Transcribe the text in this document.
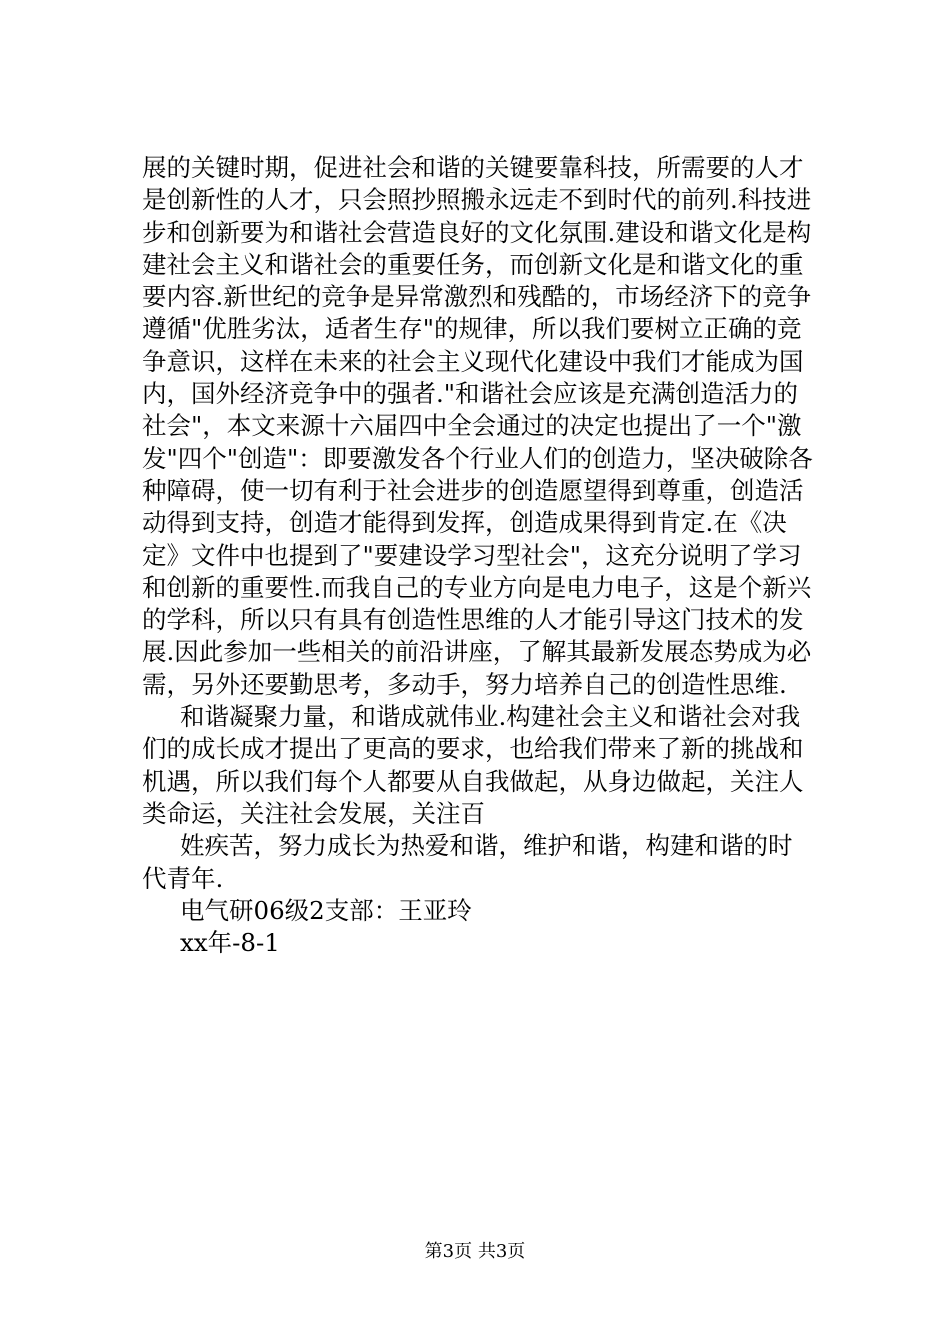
展的关键时期，促进社会和谐的关键要靠科技，所需要的人才
是创新性的人才，只会照抄照搬永远走不到时代的前列.科技进
步和创新要为和谐社会营造良好的文化氛围.建设和谐文化是构
建社会主义和谐社会的重要任务，而创新文化是和谐文化的重
要内容.新世纪的竞争是异常激烈和残酷的，市场经济下的竞争
遵循"优胜劣汰，适者生存"的规律，所以我们要树立正确的竞
争意识，这样在未来的社会主义现代化建设中我们才能成为国
内，国外经济竞争中的强者."和谐社会应该是充满创造活力的
社会"，本文来源十六届四中全会通过的决定也提出了一个"激
发"四个"创造"：即要激发各个行业人们的创造力，坚决破除各
种障碍，使一切有利于社会进步的创造愿望得到尊重，创造活
动得到支持，创造才能得到发挥，创造成果得到肯定.在《决
定》文件中也提到了"要建设学习型社会"，这充分说明了学习
和创新的重要性.而我自己的专业方向是电力电子，这是个新兴
的学科，所以只有具有创造性思维的人才能引导这门技术的发
展.因此参加一些相关的前沿讲座，了解其最新发展态势成为必
需，另外还要勤思考，多动手，努力培养自己的创造性思维.
和谐凝聚力量，和谐成就伟业.构建社会主义和谐社会对我
们的成长成才提出了更高的要求，也给我们带来了新的挑战和
机遇，所以我们每个人都要从自我做起，从身边做起，关注人
类命运，关注社会发展，关注百
姓疾苦，努力成长为热爱和谐，维护和谐，构建和谐的时
代青年.
电气研06级2支部：王亚玲
xx年-8-1
第3页 共3页
